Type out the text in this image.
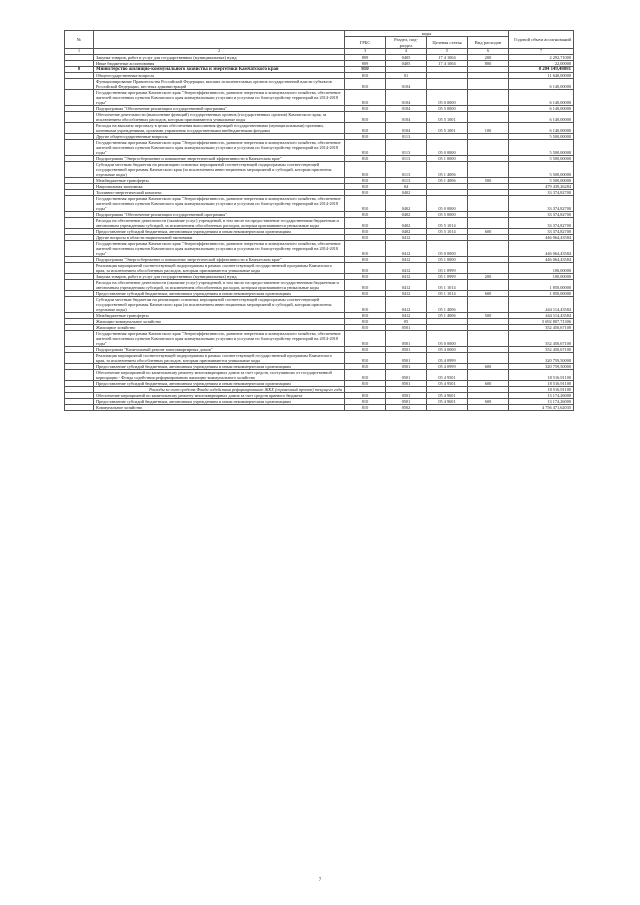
№		коды				Годовой объем ассигнований
		ГРБС	Раздел, под-раздел	Целевая статья	Вид расходов	
1	2	3	4	5	6	7
	Закупка товаров, работ и услуг для государственных (муниципальных) нужд	809	0405	17 4 1004	200	2 292,71000
	Иные бюджетные ассигнования	809	0405	17 4 1004	800	22,00000
8	Министерство жилищно-коммунального хозяйства и энергетики Камчатского края	810				8 204 149,48881
	Общегосударственные вопросы	810	01			11 640,00000
	Функционирование Правительства Российской Федерации, высших исполнительных органов государственной власти субъектов Российской Федерации, местных администраций	810	0104			6 140,00000
	Государственная программа Камчатского края "Энергоэффективность, развитие энергетики и коммунального хозяйства, обеспечение жителей населенных пунктов Камчатского края коммунальными услугами и услугами по благоустройству территорий на 2014-2018 годы"	810	0104	05 0 0000		6 140,00000
	Подпрограмма "Обеспечение реализации государственной программы"	810	0104	05 5 0000		6 140,00000
	Обеспечение деятельности (выполнение функций) государственных органов (государственных органов) Камчатского края, за исключением обособленных расходов, которым присваиваются уникальные коды	810	0104	05 5 1001		6 140,00000
	Расходы на выплаты персоналу в целях обеспечения выполнения функций государственными (муниципальными) органами, казенными учреждениями, органами управления государственными внебюджетными фондами	810	0104	05 5 1001	100	6 140,00000
	Другие общегосударственные вопросы	810	0113			5 500,00000
	Государственная программа Камчатского края "Энергоэффективность, развитие энергетики и коммунального хозяйства, обеспечение жителей населенных пунктов Камчатского края коммунальными услугами и услугами по благоустройству территорий на 2014-2018 годы"	810	0113	05 0 0000		5 500,00000
	Подпрограмма "Энергосбережение и повышение энергетической эффективности в Камчатском крае"	810	0113	05 1 0000		5 500,00000
	Субсидии местным бюджетам на реализацию основных мероприятий соответствующей подпрограммы соответствующей государственной программы Камчатского края (за исключением инвестиционных мероприятий и субсидий, которым присвоены отдельные коды)	810	0113	05 1 4006		5 500,00000
	Межбюджетные трансферты	810	0113	05 1 4006	500	5 500,00000
	Национальная экономика	810	04			479 439,26284
	Топливно-энергетический комплекс	810	0402			33 374,82700
	Государственная программа Камчатского края "Энергоэффективность, развитие энергетики и коммунального хозяйства, обеспечение жителей населенных пунктов Камчатского края коммунальными услугами и услугами по благоустройству территорий на 2014-2018 годы"	810	0402	05 0 0000		33 374,82700
	Подпрограмма "Обеспечение реализации государственной программы"	810	0402	05 5 0000		33 374,82700
	Расходы на обеспечение деятельности (оказание услуг) учреждений, в том числе на предоставление государственным бюджетным и автономным учреждениям субсидий, за исключением обособленных расходов, которым присваиваются уникальные коды	810	0402	05 5 1014		33 374,82700
	Предоставление субсидий бюджетным, автономным учреждениям и иным некоммерческим организациям	810	0402	05 5 1014	600	33 374,82700
	Другие вопросы в области национальной экономики	810	0412			446 064,43584
	Государственная программа Камчатского края "Энергоэффективность, развитие энергетики и коммунального хозяйства, обеспечение жителей населенных пунктов Камчатского края коммунальными услугами и услугами по благоустройству территорий на 2014-2018 годы"	810	0412	05 0 0000		446 064,43584
	Подпрограмма "Энергосбережение и повышение энергетической эффективности в Камчатском крае"	810	0412	05 1 0000		446 064,43584
	Реализация мероприятий соответствующей подпрограммы в рамках соответствующей государственной программы Камчатского края, за исключением обособленных расходов, которым присваиваются уникальные коды	810	0412	05 1 0999		100,00000
	Закупка товаров, работ и услуг для государственных (муниципальных) нужд	810	0412	05 1 0999	200	100,00000
	Расходы на обеспечение деятельности (оказание услуг) учреждений, в том числе на предоставление государственным бюджетным и автономным учреждениям субсидий, за исключением обособленных расходов, которым присваиваются уникальные коды	810	0412	05 1 1014		1 850,00000
	Предоставление субсидий бюджетным, автономным учреждениям и иным некоммерческим организациям	810	0412	05 1 1014	600	1 850,00000
	Субсидии местным бюджетам на реализацию основных мероприятий соответствующей подпрограммы соответствующей государственной программы Камчатского края (за исключением инвестиционных мероприятий и субсидий, которым присвоены отдельные коды)	810	0412	05 1 4006		444 114,43584
	Межбюджетные трансферты	810	0412	05 1 4006	500	444 114,43584
	Жилищно-коммунальное хозяйство	810	05			5 692 807,71306
	Жилищное хозяйство	810	0501			352 450,67100
	Государственная программа Камчатского края "Энергоэффективность, развитие энергетики и коммунального хозяйства, обеспечение жителей населенных пунктов Камчатского края коммунальными услугами и услугами по благоустройству территорий на 2014-2018 годы"	810	0501	05 0 0000		352 450,67100
	Подпрограмма "Капитальный ремонт многоквартирных домов"	810	0501	05 4 0000		352 450,67100
	Реализация мероприятий соответствующей подпрограммы в рамках соответствующей государственной программы Камчатского края, за исключением обособленных расходов, которым присваиваются уникальные коды	810	0501	05 4 0999		320 759,50000
	Предоставление субсидий бюджетным, автономным учреждениям и иным некоммерческим организациям	810	0501	05 4 0999	600	320 759,50000
	Обеспечение мероприятий по капитальному ремонту многоквартирных домов за счет средств, поступивших от государственной корпорации - Фонда содействия реформированию жилищно-коммунального хозяйства	810	0501	05 4 9501		18 516,91100
	Предоставление субсидий бюджетным, автономным учреждениям и иным некоммерческим организациям	810	0501	05 4 9501	600	18 516,91100
	Расходы за счет средств Фонда содействия реформированию ЖКХ (справочный проект) текущего года					18 516,91100
	Обеспечение мероприятий по капитальному ремонту многоквартирных домов за счет средств краевого бюджета	810	0501	05 4 9601		13 174,26000
	Предоставление субсидий бюджетным, автономным учреждениям и иным некоммерческим организациям	810	0501	05 4 9601	600	13 174,26000
	Коммунальное хозяйство	810	0502			4 756 471,62035
7
